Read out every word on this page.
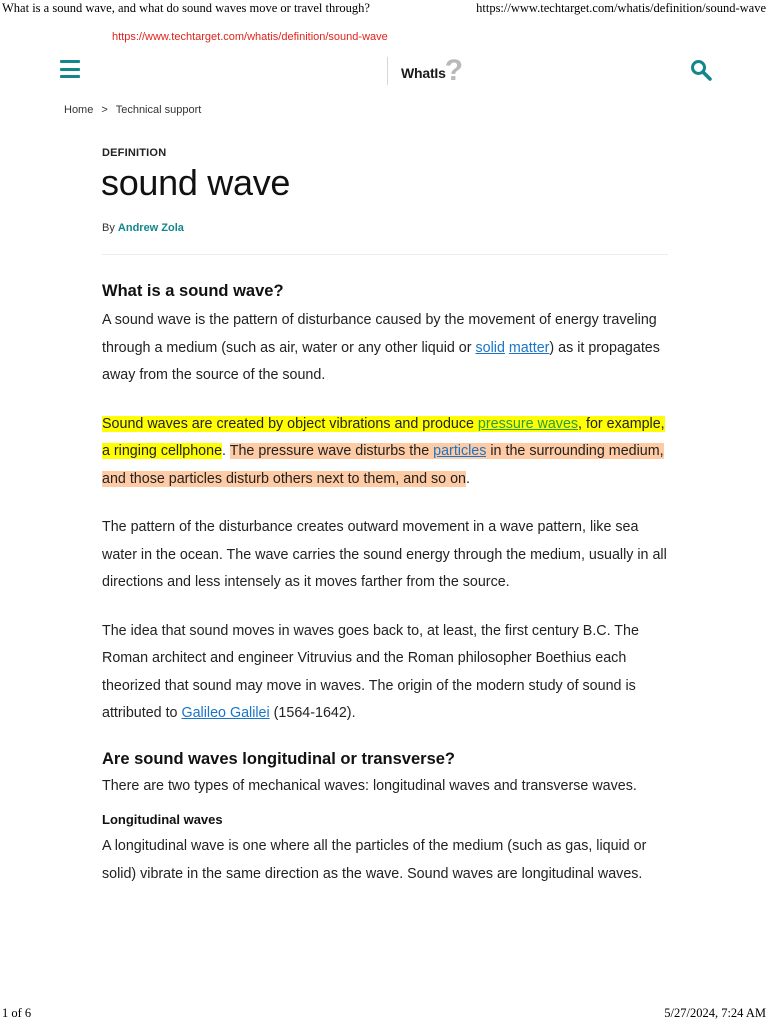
What is a sound wave, and what do sound waves move or travel through?	https://www.techtarget.com/whatis/definition/sound-wave
https://www.techtarget.com/whatis/definition/sound-wave
WhatIs ?
Home > Technical support
DEFINITION
sound wave
By Andrew Zola
What is a sound wave?

A sound wave is the pattern of disturbance caused by the movement of energy traveling through a medium (such as air, water or any other liquid or solid matter) as it propagates away from the source of the sound.

Sound waves are created by object vibrations and produce pressure waves, for example, a ringing cellphone. The pressure wave disturbs the particles in the surrounding medium, and those particles disturb others next to them, and so on.

The pattern of the disturbance creates outward movement in a wave pattern, like sea water in the ocean. The wave carries the sound energy through the medium, usually in all directions and less intensely as it moves farther from the source.

The idea that sound moves in waves goes back to, at least, the first century B.C. The Roman architect and engineer Vitruvius and the Roman philosopher Boethius each theorized that sound may move in waves. The origin of the modern study of sound is attributed to Galileo Galilei (1564-1642).

Are sound waves longitudinal or transverse?

There are two types of mechanical waves: longitudinal waves and transverse waves.

Longitudinal waves

A longitudinal wave is one where all the particles of the medium (such as gas, liquid or solid) vibrate in the same direction as the wave. Sound waves are longitudinal waves.

1 of 6	5/27/2024, 7:24 AM
